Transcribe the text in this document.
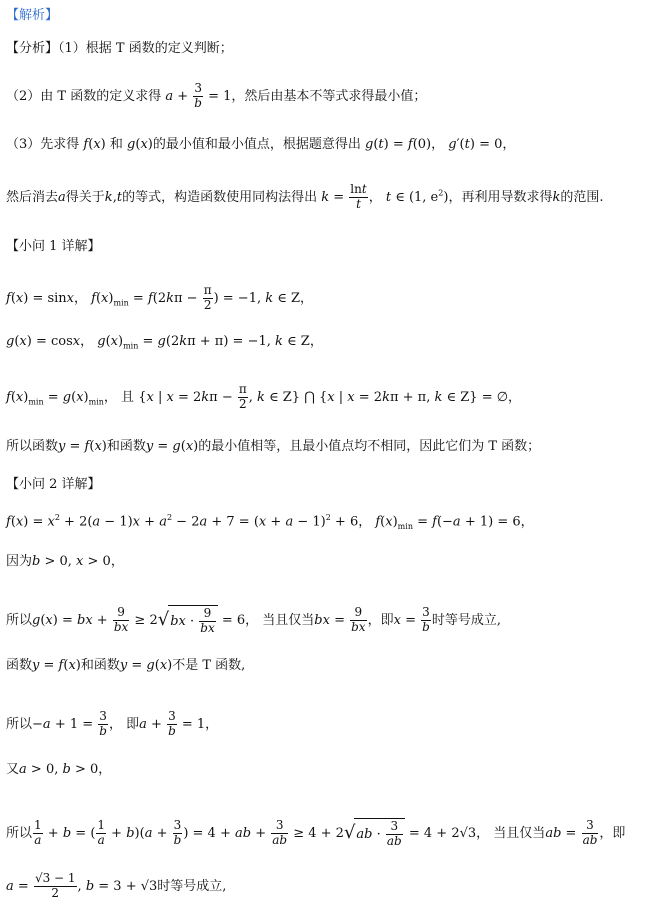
【解析】
【分析】（1）根据 T 函数的定义判断；
（2）由 T 函数的定义求得 $a + \frac{3}{b} = 1$，然后由基本不等式求得最小值；
（3）先求得 f(x) 和 g(x)的最小值和最小值点，根据题意得出 g(t) = f(0)， g′(t) = 0，
然后消去a得关于k,t的等式，构造函数使用同构法得出 $k = \frac{\ln t}{t}$ ， t ∈ (1, $e^2$)，再利用导数求得k的范围.
【小问 1 详解】
f(x) = sinx， $f(x)_{min} = f(2k\pi - \frac{\pi}{2}$ ) = −1, k ∈ Z，
g(x) = cosx， $g(x)_{min} = g(2k\pi + \pi) = -1$, k ∈ Z，
$f(x)_{min} = g(x)_{min}$， 且 {x | $x = 2k\pi - \frac{\pi}{2}$ , k ∈ Z} ⋂ {x | x = 2kπ + π, k ∈ Z} = ∅，
所以函数y = f(x)和函数y = g(x)的最小值相等，且最小值点均不相同，因此它们为 T 函数；
【小问 2 详解】
$f(x) = x^2 + 2(a - 1)x + a^2 - 2a + 7 = (x + a - 1)^2 + 6$， $f(x)_{min} = f(-a + 1) = 6$，
因为b > 0, x > 0，
所以g(x) = bx + $\frac{9}{bx} \ge 2√bx \cdot \frac{9}{bx} = 6$， 当且仅当bx = $\frac{9}{bx}$ ，即$x = \frac{3}{b}$ 时等号成立,
函数y = f(x)和函数y = g(x)不是 T 函数,
所以$-a + 1 = \frac{3}{b}$ ， 即$a + \frac{3}{b} = 1$，
又a > 0, b > 0，
所以 $\frac{1}{a} + b$ = ( $\frac{1}{a} + b)(a + \frac{3}{b}$ ) = 4 + ab + $\frac{3}{ab} \ge 4 + 2√ab \cdot \frac{3}{ab} = 4 + 2√3$， 当且仅当ab = $\frac{3}{ab}$ ，即
$a = \frac{√3 - 1}{2}$ , b = 3 + √3时等号成立,
